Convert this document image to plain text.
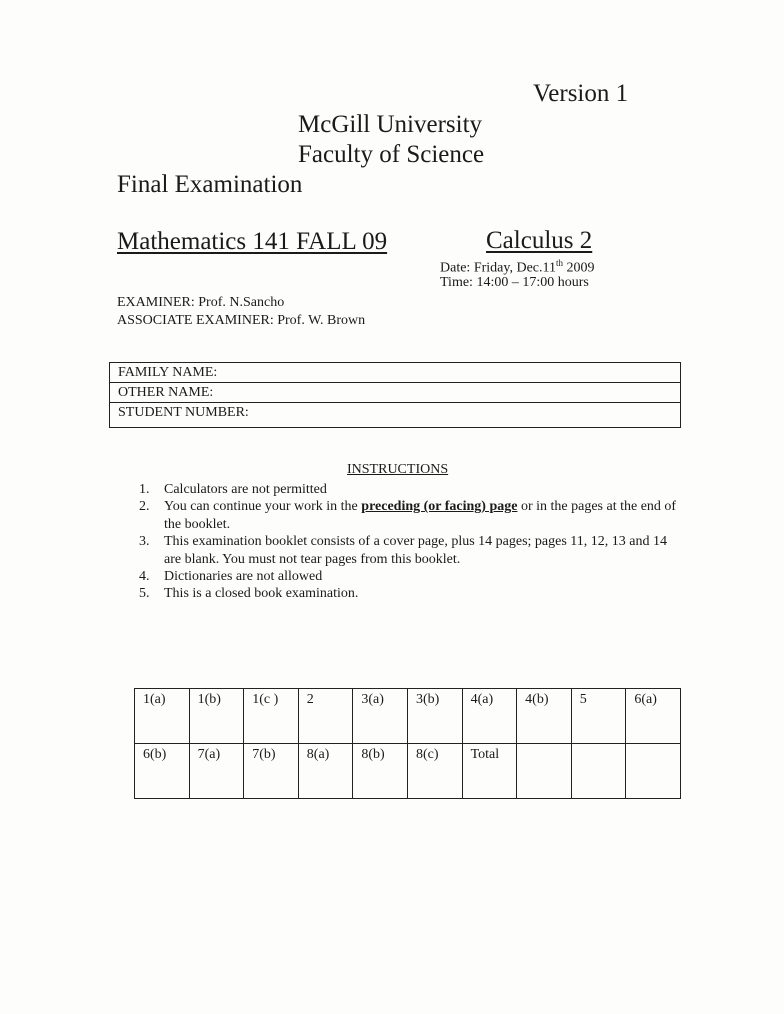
Version 1
McGill University
Faculty of Science
Final Examination
Mathematics 141 FALL 09	Calculus 2
Date: Friday, Dec.11th 2009
Time: 14:00 – 17:00 hours
EXAMINER: Prof. N.Sancho
ASSOCIATE EXAMINER: Prof. W. Brown
FAMILY NAME:
OTHER NAME:
STUDENT NUMBER:
INSTRUCTIONS
1.	Calculators are not permitted
2.	You can continue your work in the preceding (or facing) page or in the pages at the end of the booklet.
3.	This examination booklet consists of a cover page, plus 14 pages; pages 11, 12, 13 and 14 are blank. You must not tear pages from this booklet.
4.	Dictionaries are not allowed
5.	This is a closed book examination.
1(a)	1(b)	1(c )	2	3(a)	3(b)	4(a)	4(b)	5	6(a)
6(b)	7(a)	7(b)	8(a)	8(b)	8(c)	Total			
